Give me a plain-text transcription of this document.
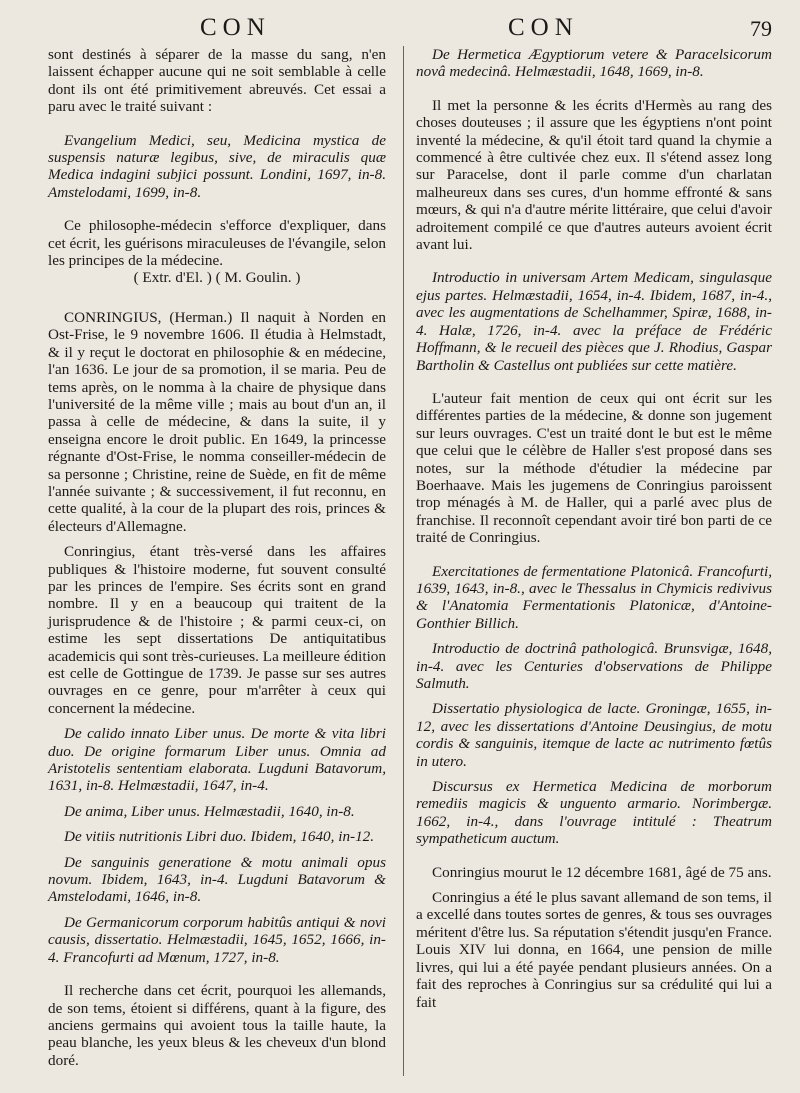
CON	CON	79

sont destinés à séparer de la masse du sang, n'en laissent échapper aucune qui ne soit semblable à celle dont ils ont été primitivement abreuvés. Cet essai a paru avec le traité suivant :

Evangelium Medici, seu, Medicina mystica de suspensis naturæ legibus, sive, de miraculis quæ Medica indagini subjici possunt. Londini, 1697, in-8. Amstelodami, 1699, in-8.

Ce philosophe-médecin s'efforce d'expliquer, dans cet écrit, les guérisons miraculeuses de l'évangile, selon les principes de la médecine.

( Extr. d'El. ) ( M. Goulin. )

CONRINGIUS, (Herman.) Il naquit à Norden en Ost-Frise, le 9 novembre 1606. Il étudia à Helmstadt, & il y reçut le doctorat en philosophie & en médecine, l'an 1636. Le jour de sa promotion, il se maria. Peu de tems après, on le nomma à la chaire de physique dans l'université de la même ville ; mais au bout d'un an, il passa à celle de médecine, & dans la suite, il y enseigna encore le droit public. En 1649, la princesse régnante d'Ost-Frise, le nomma conseiller-médecin de sa personne ; Christine, reine de Suède, en fit de même l'année suivante ; & successivement, il fut reconnu, en cette qualité, à la cour de la plupart des rois, princes & électeurs d'Allemagne.

Conringius, étant très-versé dans les affaires publiques & l'histoire moderne, fut souvent consulté par les princes de l'empire. Ses écrits sont en grand nombre. Il y en a beaucoup qui traitent de la jurisprudence & de l'histoire ; & parmi ceux-ci, on estime les sept dissertations De antiquitatibus academicis qui sont très-curieuses. La meilleure édition est celle de Gottingue de 1739. Je passe sur ses autres ouvrages en ce genre, pour m'arrêter à ceux qui concernent la médecine.

De calido innato Liber unus. De morte & vita libri duo. De origine formarum Liber unus. Omnia ad Aristotelis sententiam elaborata. Lugduni Batavorum, 1631, in-8. Helmæstadii, 1647, in-4.

De anima, Liber unus. Helmæstadii, 1640, in-8.

De vitiis nutritionis Libri duo. Ibidem, 1640, in-12.

De sanguinis generatione & motu animali opus novum. Ibidem, 1643, in-4. Lugduni Batavorum & Amstelodami, 1646, in-8.

De Germanicorum corporum habitûs antiqui & novi causis, dissertatio. Helmæstadii, 1645, 1652, 1666, in-4. Francofurti ad Mœnum, 1727, in-8.

Il recherche dans cet écrit, pourquoi les allemands, de son tems, étoient si différens, quant à la figure, des anciens germains qui avoient tous la taille haute, la peau blanche, les yeux bleus & les cheveux d'un blond doré.

De Hermetica Ægyptiorum vetere & Paracelsicorum novâ medecinâ. Helmæstadii, 1648, 1669, in-8.

Il met la personne & les écrits d'Hermès au rang des choses douteuses ; il assure que les égyptiens n'ont point inventé la médecine, & qu'il étoit tard quand la chymie a commencé à être cultivée chez eux. Il s'étend assez long sur Paracelse, dont il parle comme d'un charlatan malheureux dans ses cures, d'un homme effronté & sans mœurs, & qui n'a d'autre mérite littéraire, que celui d'avoir adroitement compilé ce que d'autres auteurs avoient écrit avant lui.

Introductio in universam Artem Medicam, singulasque ejus partes. Helmæstadii, 1654, in-4. Ibidem, 1687, in-4., avec les augmentations de Schelhammer, Spiræ, 1688, in-4. Halæ, 1726, in-4. avec la préface de Frédéric Hoffmann, & le recueil des pièces que J. Rhodius, Gaspar Bartholin & Castellus ont publiées sur cette matière.

L'auteur fait mention de ceux qui ont écrit sur les différentes parties de la médecine, & donne son jugement sur leurs ouvrages. C'est un traité dont le but est le même que celui que le célèbre de Haller s'est proposé dans ses notes, sur la méthode d'étudier la médecine par Boerhaave. Mais les jugemens de Conringius paroissent trop ménagés à M. de Haller, qui a parlé avec plus de franchise. Il reconnoît cependant avoir tiré bon parti de ce traité de Conringius.

Exercitationes de fermentatione Platonicâ. Francofurti, 1639, 1643, in-8., avec le Thessalus in Chymicis redivivus & l'Anatomia Fermentationis Platonicæ, d'Antoine-Gonthier Billich.

Introductio de doctrinâ pathologicâ. Brunsvigæ, 1648, in-4. avec les Centuries d'observations de Philippe Salmuth.

Dissertatio physiologica de lacte. Groningæ, 1655, in-12, avec les dissertations d'Antoine Deusingius, de motu cordis & sanguinis, itemque de lacte ac nutrimento fœtûs in utero.

Discursus ex Hermetica Medicina de morborum remediis magicis & unguento armario. Norimbergæ. 1662, in-4., dans l'ouvrage intitulé : Theatrum sympatheticum auctum.

Conringius mourut le 12 décembre 1681, âgé de 75 ans.

Conringius a été le plus savant allemand de son tems, il a excellé dans toutes sortes de genres, & tous ses ouvrages méritent d'être lus. Sa réputation s'étendit jusqu'en France. Louis XIV lui donna, en 1664, une pension de mille livres, qui lui a été payée pendant plusieurs années. On a fait des reproches à Conringius sur sa crédulité qui lui a fait
